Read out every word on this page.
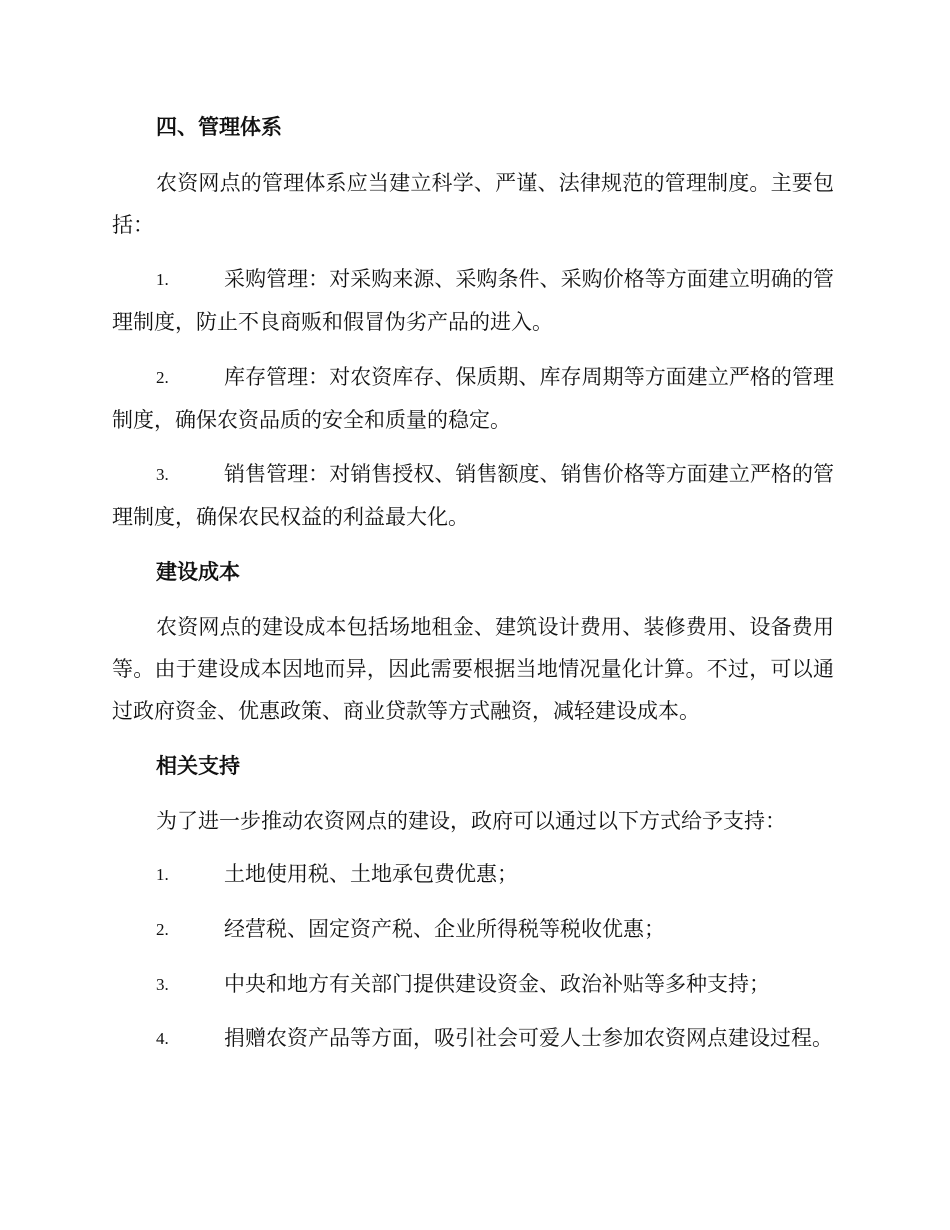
四、管理体系
农资网点的管理体系应当建立科学、严谨、法律规范的管理制度。主要包括：
1.	采购管理：对采购来源、采购条件、采购价格等方面建立明确的管理制度，防止不良商贩和假冒伪劣产品的进入。
2.	库存管理：对农资库存、保质期、库存周期等方面建立严格的管理制度，确保农资品质的安全和质量的稳定。
3.	销售管理：对销售授权、销售额度、销售价格等方面建立严格的管理制度，确保农民权益的利益最大化。
建设成本
农资网点的建设成本包括场地租金、建筑设计费用、装修费用、设备费用等。由于建设成本因地而异，因此需要根据当地情况量化计算。不过，可以通过政府资金、优惠政策、商业贷款等方式融资，减轻建设成本。
相关支持
为了进一步推动农资网点的建设，政府可以通过以下方式给予支持：
1.	土地使用税、土地承包费优惠；
2.	经营税、固定资产税、企业所得税等税收优惠；
3.	中央和地方有关部门提供建设资金、政治补贴等多种支持；
4.	捐赠农资产品等方面，吸引社会可爱人士参加农资网点建设过程。
